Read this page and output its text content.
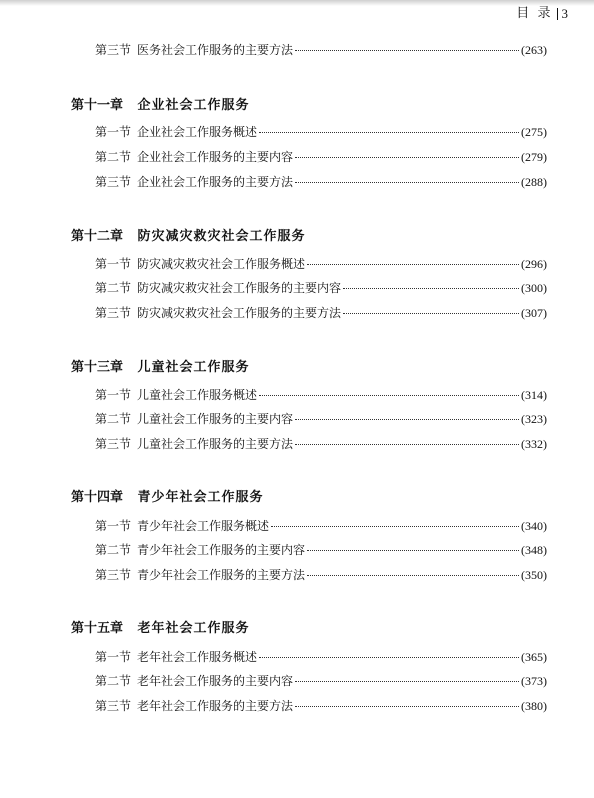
目  录 3
第三节 医务社会工作服务的主要方法	(263)
第十一章 企业社会工作服务
第一节 企业社会工作服务概述	(275)
第二节 企业社会工作服务的主要内容	(279)
第三节 企业社会工作服务的主要方法	(288)
第十二章 防灾减灾救灾社会工作服务
第一节 防灾减灾救灾社会工作服务概述	(296)
第二节 防灾减灾救灾社会工作服务的主要内容	(300)
第三节 防灾减灾救灾社会工作服务的主要方法	(307)
第十三章 儿童社会工作服务
第一节 儿童社会工作服务概述	(314)
第二节 儿童社会工作服务的主要内容	(323)
第三节 儿童社会工作服务的主要方法	(332)
第十四章 青少年社会工作服务
第一节 青少年社会工作服务概述	(340)
第二节 青少年社会工作服务的主要内容	(348)
第三节 青少年社会工作服务的主要方法	(350)
第十五章 老年社会工作服务
第一节 老年社会工作服务概述	(365)
第二节 老年社会工作服务的主要内容	(373)
第三节 老年社会工作服务的主要方法	(380)
